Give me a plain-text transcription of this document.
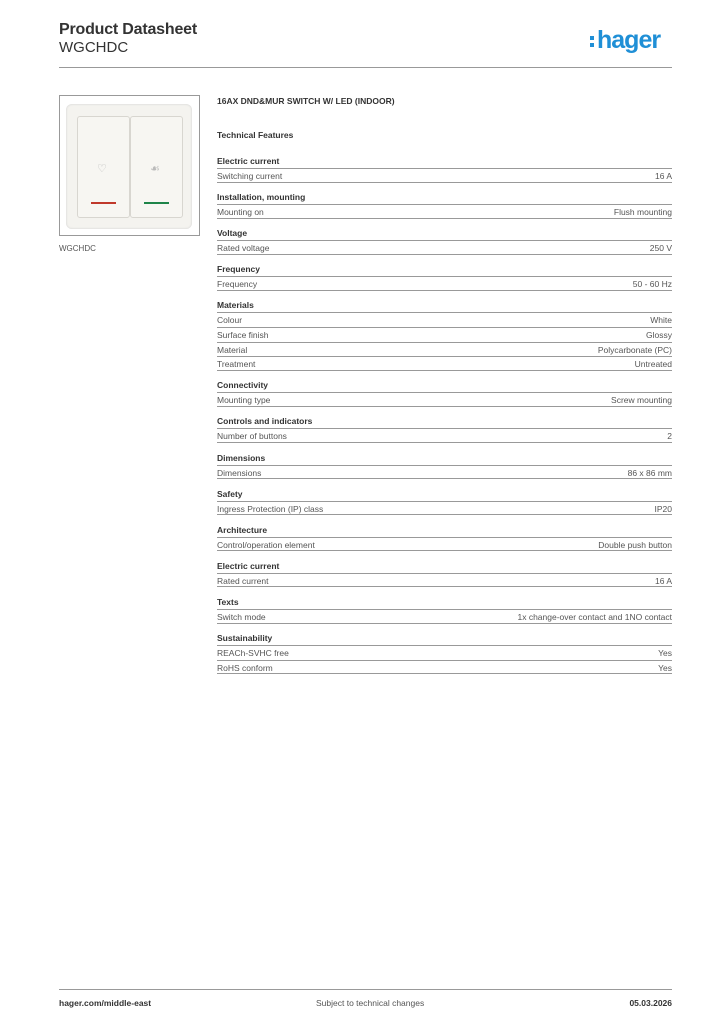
Product Datasheet
WGCHDC	hager
♡	☙
WGCHDC
16AX DND&MUR SWITCH W/ LED (INDOOR)
Technical Features
Electric current
Switching current	16 A
Installation, mounting
Mounting on	Flush mounting
Voltage
Rated voltage	250 V
Frequency
Frequency	50 - 60 Hz
Materials
Colour	White
Surface finish	Glossy
Material	Polycarbonate (PC)
Treatment	Untreated
Connectivity
Mounting type	Screw mounting
Controls and indicators
Number of buttons	2
Dimensions
Dimensions	86 x 86 mm
Safety
Ingress Protection (IP) class	IP20
Architecture
Control/operation element	Double push button
Electric current
Rated current	16 A
Texts
Switch mode	1x change-over contact and 1NO contact
Sustainability
REACh-SVHC free	Yes
RoHS conform	Yes
hager.com/middle-east	Subject to technical changes	05.03.2026
